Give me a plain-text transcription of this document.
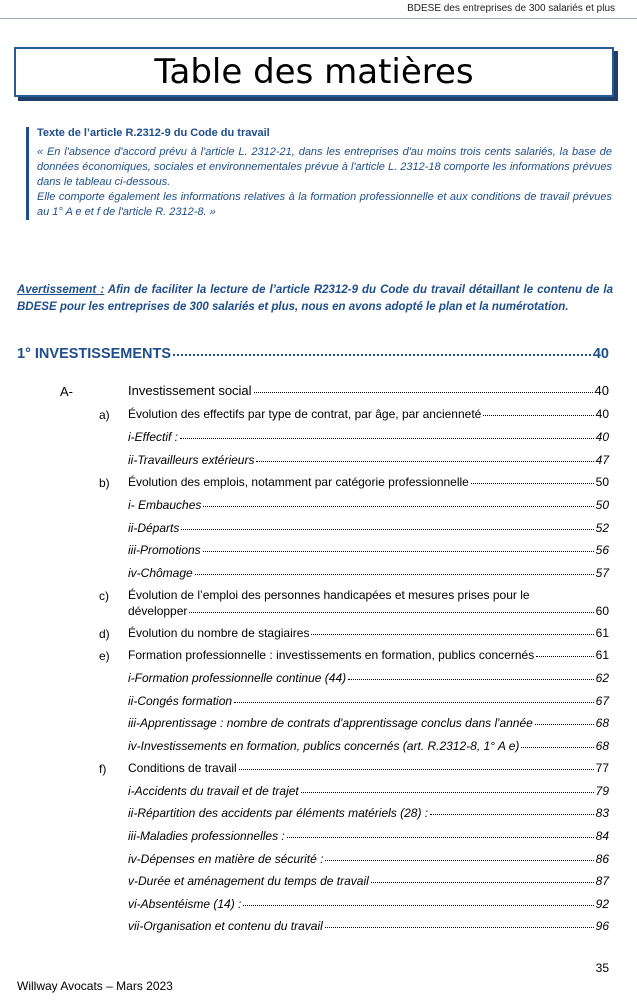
BDESE des entreprises de 300 salariés et plus
Table des matières
Texte de l’article R.2312-9 du Code du travail

« En l'absence d'accord prévu à l'article L. 2312-21, dans les entreprises d'au moins trois cents salariés, la base de données économiques, sociales et environnementales prévue à l'article L. 2312-18 comporte les informations prévues dans le tableau ci-dessous.

Elle comporte également les informations relatives à la formation professionnelle et aux conditions de travail prévues au 1° A e et f de l'article R. 2312-8. »

Avertissement : Afin de faciliter la lecture de l’article R2312-9 du Code du travail détaillant le contenu de la BDESE pour les entreprises de 300 salariés et plus, nous en avons adopté le plan et la numérotation.
1° INVESTISSEMENTS	40
A-	Investissement social	40
a) Évolution des effectifs par type de contrat, par âge, par ancienneté	40
i-Effectif :	40
ii-Travailleurs extérieurs	47
b) Évolution des emplois, notamment par catégorie professionnelle	50
i- Embauches	50
ii-Départs	52
iii-Promotions	56
iv-Chômage	57
c) Évolution de l’emploi des personnes handicapées et mesures prises pour le
développer	60
d) Évolution du nombre de stagiaires	61
e) Formation professionnelle : investissements en formation, publics concernés	61
i-Formation professionnelle continue (44)	62
ii-Congés formation	67
iii-Apprentissage : nombre de contrats d'apprentissage conclus dans l'année	68
iv-Investissements en formation, publics concernés (art. R.2312-8, 1° A e)	68
f) Conditions de travail	77
i-Accidents du travail et de trajet	79
ii-Répartition des accidents par éléments matériels (28) :	83
iii-Maladies professionnelles :	84
iv-Dépenses en matière de sécurité :	86
v-Durée et aménagement du temps de travail	87
vi-Absentéisme (14) :	92
vii-Organisation et contenu du travail	96
35
Willway Avocats – Mars 2023
